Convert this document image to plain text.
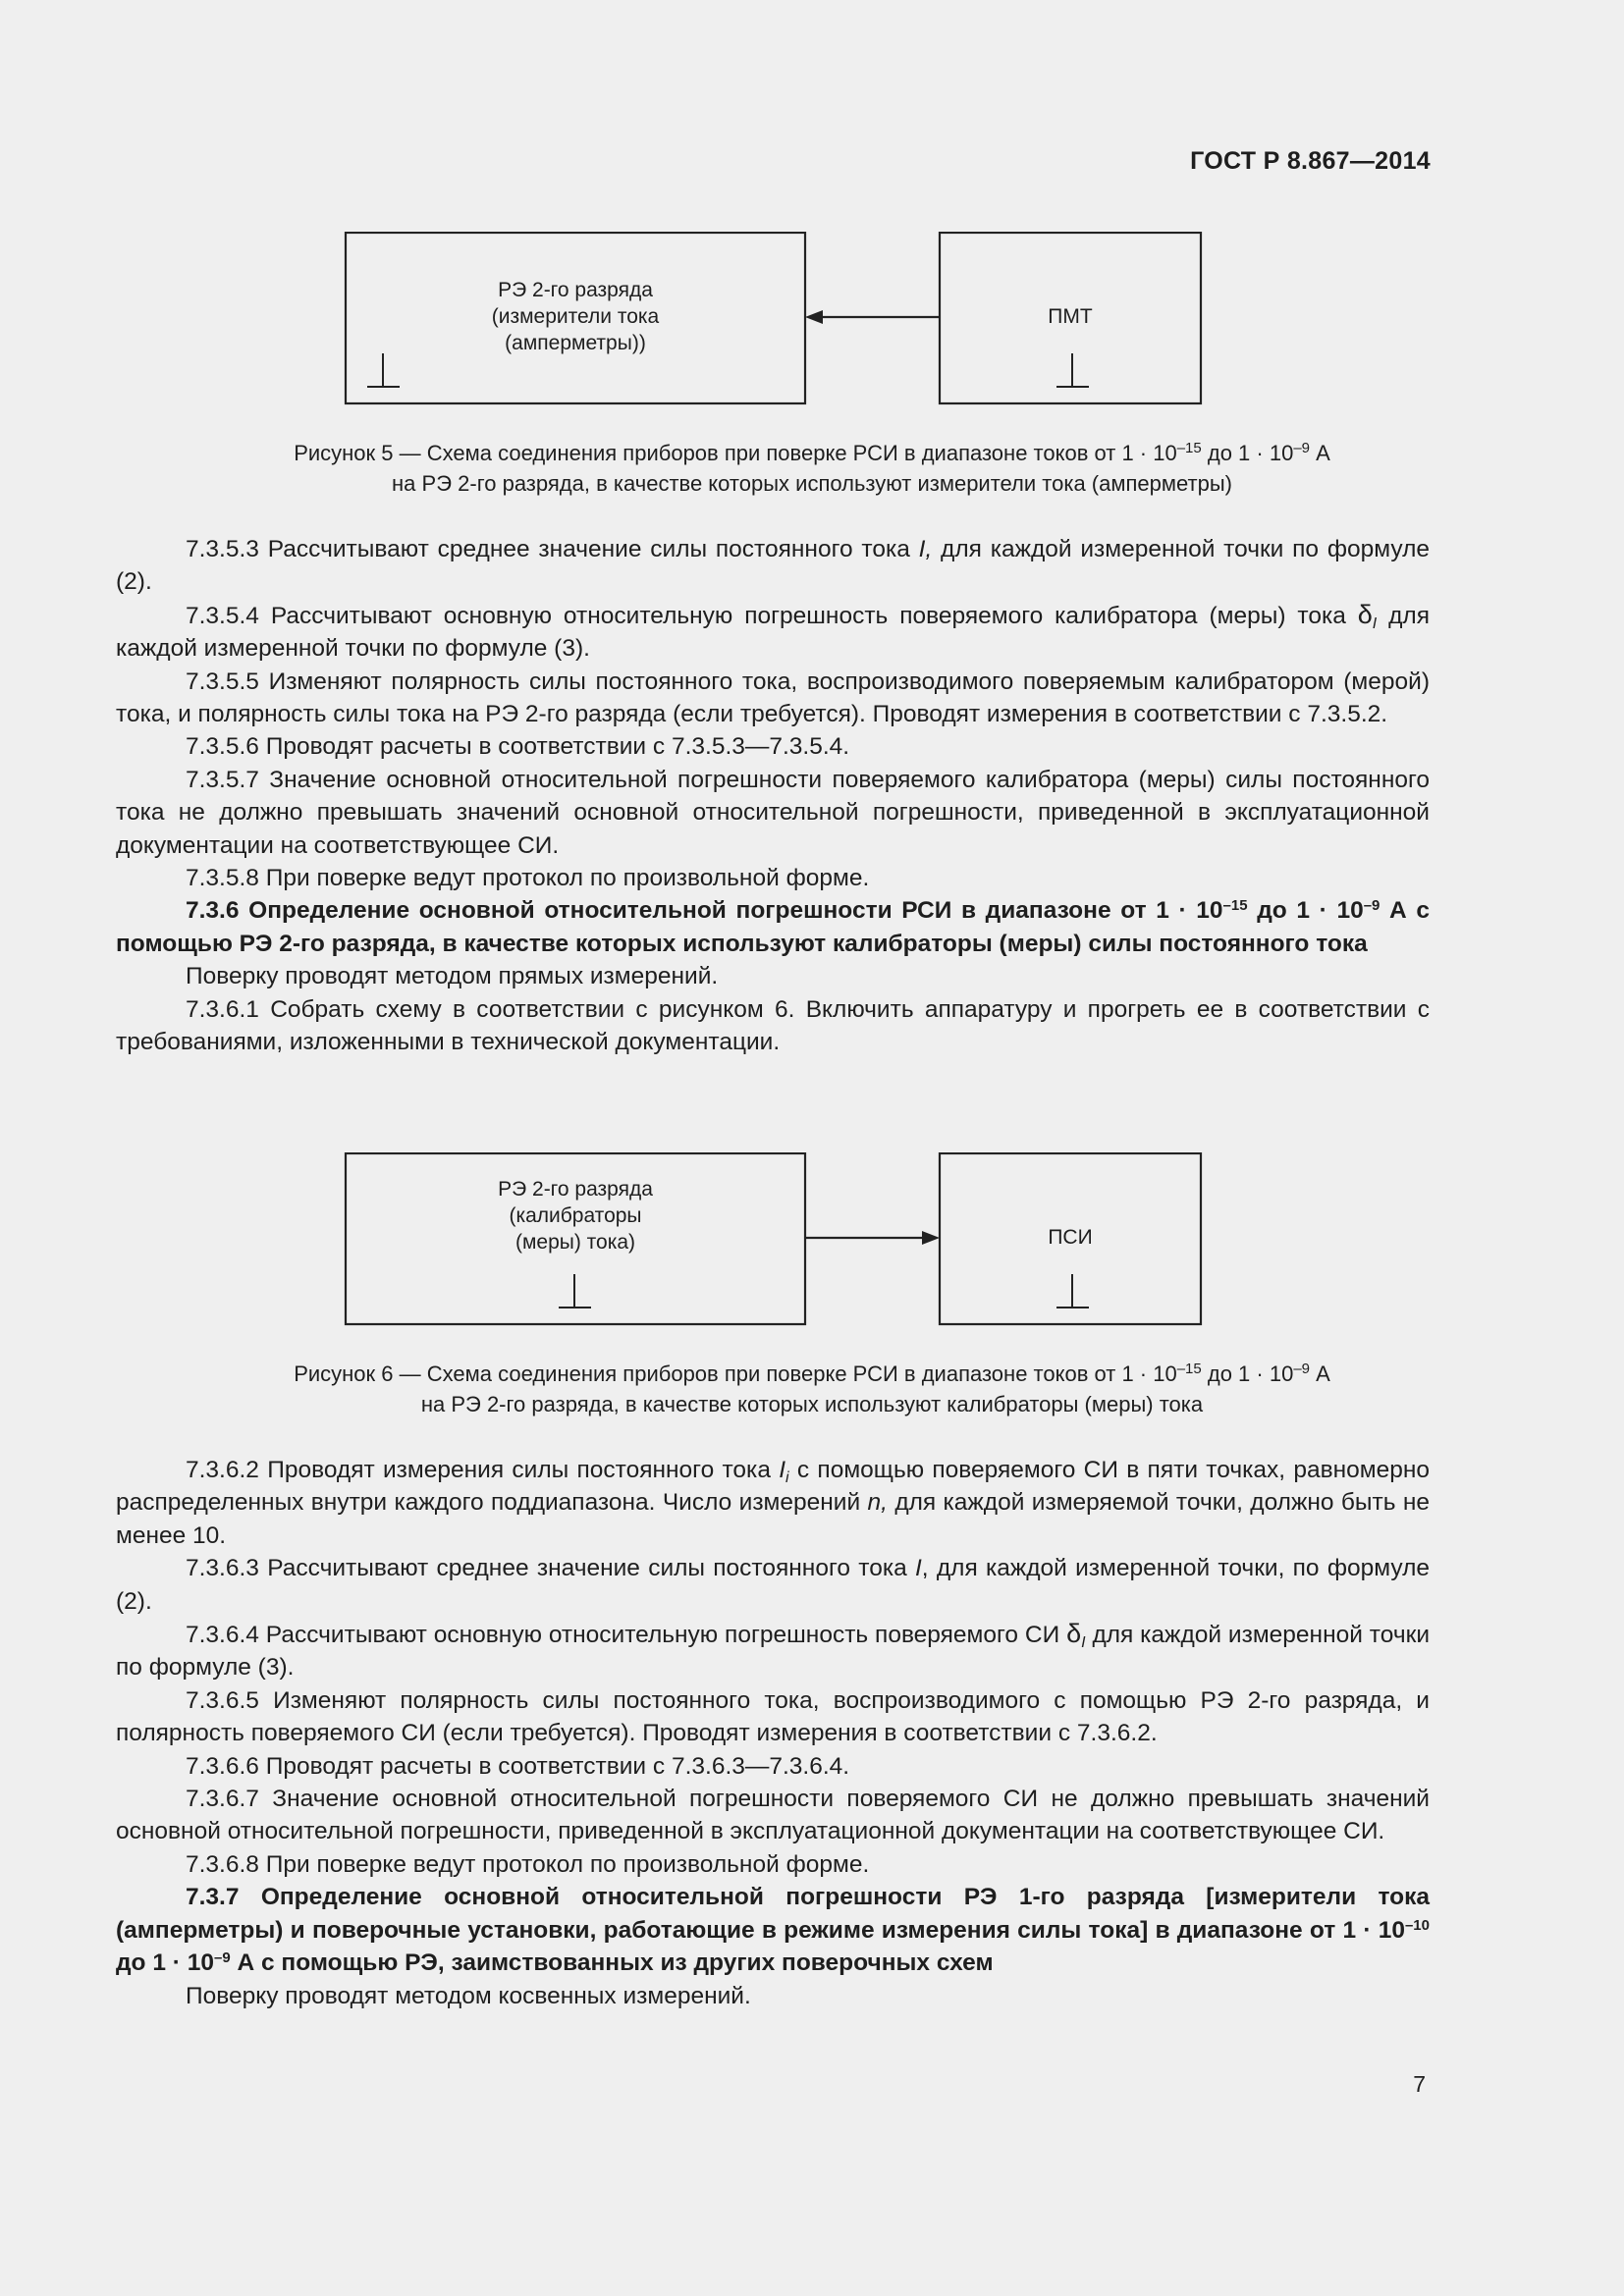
ГОСТ Р 8.867—2014
РЭ 2-го разряда
(измерители тока
(амперметры))
ПМТ
Рисунок 5 — Схема соединения приборов при поверке РСИ в диапазоне токов от $1 \cdot 10^{-15}$ до $1 \cdot 10^{-9}$ А
на РЭ 2-го разряда, в качестве которых используют измерители тока (амперметры)

7.3.5.3 Рассчитывают среднее значение силы постоянного тока I, для каждой измеренной точки по формуле (2).

7.3.5.4 Рассчитывают основную относительную погрешность поверяемого калибратора (меры) тока $\delta_I$ для каждой измеренной точки по формуле (3).

7.3.5.5 Изменяют полярность силы постоянного тока, воспроизводимого поверяемым калибратором (мерой) тока, и полярность силы тока на РЭ 2-го разряда (если требуется). Проводят измерения в соответствии с 7.3.5.2.

7.3.5.6 Проводят расчеты в соответствии с 7.3.5.3—7.3.5.4.

7.3.5.7 Значение основной относительной погрешности поверяемого калибратора (меры) силы постоянного тока не должно превышать значений основной относительной погрешности, приведенной в эксплуатационной документации на соответствующее СИ.

7.3.5.8 При поверке ведут протокол по произвольной форме.

7.3.6 Определение основной относительной погрешности РСИ в диапазоне от $1 \cdot 10^{-15}$ до $1 \cdot 10^{-9}$ А с помощью РЭ 2-го разряда, в качестве которых используют калибраторы (меры) силы постоянного тока

Поверку проводят методом прямых измерений.

7.3.6.1 Собрать схему в соответствии с рисунком 6. Включить аппаратуру и прогреть ее в соответствии с требованиями, изложенными в технической документации.

РЭ 2-го разряда
(калибраторы
(меры) тока)	ПСИ
Рисунок 6 — Схема соединения приборов при поверке РСИ в диапазоне токов от $1 \cdot 10^{-15}$ до $1 \cdot 10^{-9}$ А
на РЭ 2-го разряда, в качестве которых используют калибраторы (меры) тока

7.3.6.2 Проводят измерения силы постоянного тока $I_i$ с помощью поверяемого СИ в пяти точках, равномерно распределенных внутри каждого поддиапазона. Число измерений n, для каждой измеряемой точки, должно быть не менее 10.

7.3.6.3 Рассчитывают среднее значение силы постоянного тока I, для каждой измеренной точки, по формуле (2).

7.3.6.4 Рассчитывают основную относительную погрешность поверяемого СИ $\delta_I$ для каждой измеренной точки по формуле (3).

7.3.6.5 Изменяют полярность силы постоянного тока, воспроизводимого с помощью РЭ 2-го разряда, и полярность поверяемого СИ (если требуется). Проводят измерения в соответствии с 7.3.6.2.

7.3.6.6 Проводят расчеты в соответствии с 7.3.6.3—7.3.6.4.

7.3.6.7 Значение основной относительной погрешности поверяемого СИ не должно превышать значений основной относительной погрешности, приведенной в эксплуатационной документации на соответствующее СИ.

7.3.6.8 При поверке ведут протокол по произвольной форме.

7.3.7 Определение основной относительной погрешности РЭ 1-го разряда [измерители тока (амперметры) и поверочные установки, работающие в режиме измерения силы тока] в диапазоне от $1 \cdot 10^{-10}$ до $1 \cdot 10^{-9}$ А с помощью РЭ, заимствованных из других поверочных схем

Поверку проводят методом косвенных измерений.

7
